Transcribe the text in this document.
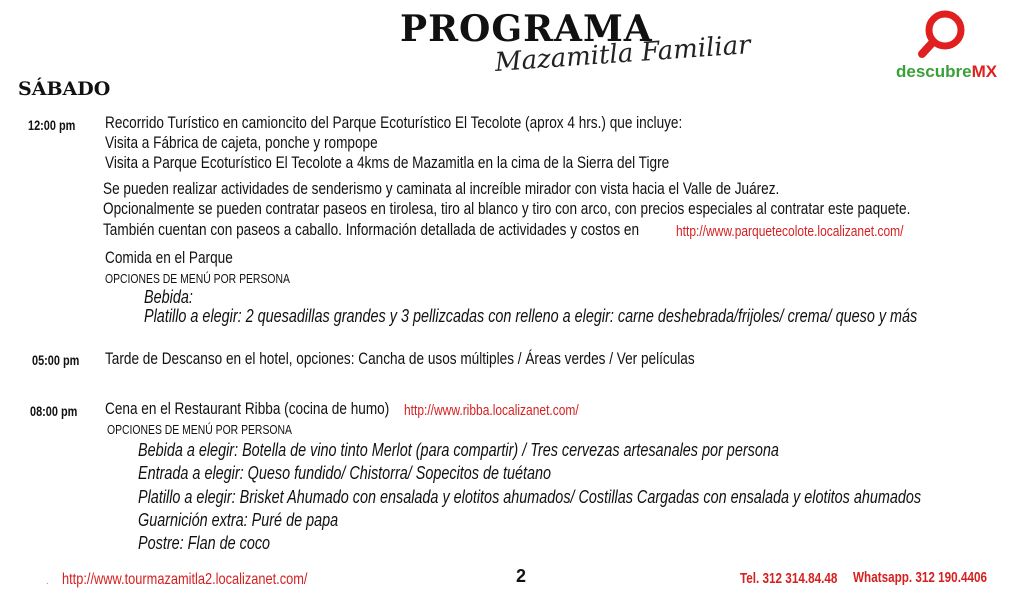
PROGRAMA
Mazamitla Familiar	descubreMX
SÁBADO
12:00 pm Recorrido Turístico en camioncito del Parque Ecoturístico El Tecolote (aprox 4 hrs.) que incluye:
Visita a Fábrica de cajeta, ponche y rompope
Visita a Parque Ecoturístico El Tecolote a 4kms de Mazamitla en la cima de la Sierra del Tigre
Se pueden realizar actividades de senderismo y caminata al increíble mirador con vista hacia el Valle de Juárez.
Opcionalmente se pueden contratar paseos en tirolesa, tiro al blanco y tiro con arco, con precios especiales al contratar este paquete.
También cuentan con paseos a caballo. Información detallada de actividades y costos en http://www.parquetecolote.localizanet.com/
Comida en el Parque
OPCIONES DE MENÚ POR PERSONA
Bebida:
Platillo a elegir: 2 quesadillas grandes y 3 pellizcadas con relleno a elegir: carne deshebrada/frijoles/ crema/ queso y más
05:00 pm Tarde de Descanso en el hotel, opciones: Cancha de usos múltiples / Áreas verdes / Ver películas
08:00 pm Cena en el Restaurant Ribba (cocina de humo) http://www.ribba.localizanet.com/
OPCIONES DE MENÚ POR PERSONA
Bebida a elegir: Botella de vino tinto Merlot (para compartir) / Tres cervezas artesanales por persona
Entrada a elegir: Queso fundido/ Chistorra/ Sopecitos de tuétano
Platillo a elegir: Brisket Ahumado con ensalada y elotitos ahumados/ Costillas Cargadas con ensalada y elotitos ahumados
Guarnición extra: Puré de papa
Postre: Flan de coco
. http://www.tourmazamitla2.localizanet.com/	2	Tel. 312 314.84.48 Whatsapp. 312 190.4406
